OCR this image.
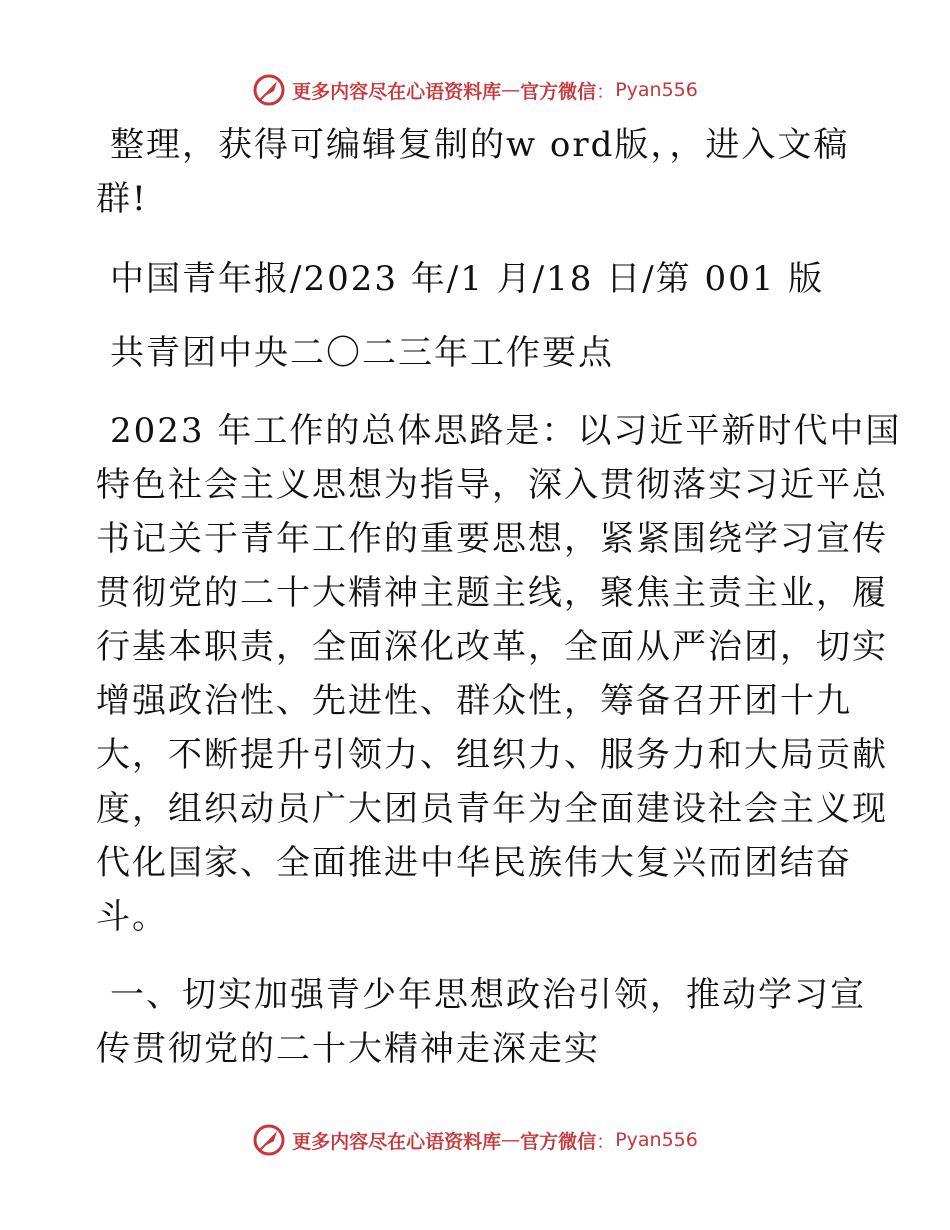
更多内容尽在心语资料库 — 官方微信 ： Pyan556

整理，获得可编辑复制的w ord版，，进入文稿

群!

中国青年报/2023 年/1 月/18 日/第 001 版

共青团中央二〇二三年工作要点

2023 年工作的总体思路是：以习近平新时代中国

特色社会主义思想为指导，深入贯彻落实习近平总

书记关于青年工作的重要思想，紧紧围绕学习宣传

贯彻党的二十大精神主题主线，聚焦主责主业，履

行基本职责，全面深化改革，全面从严治团，切实

增强政治性、先进性、群众性，筹备召开团十九

大，不断提升引领力、组织力、服务力和大局贡献

度，组织动员广大团员青年为全面建设社会主义现

代化国家、全面推进中华民族伟大复兴而团结奋

斗。

一、切实加强青少年思想政治引领，推动学习宣

传贯彻党的二十大精神走深走实

更多内容尽在心语资料库 — 官方微信 ： Pyan556
